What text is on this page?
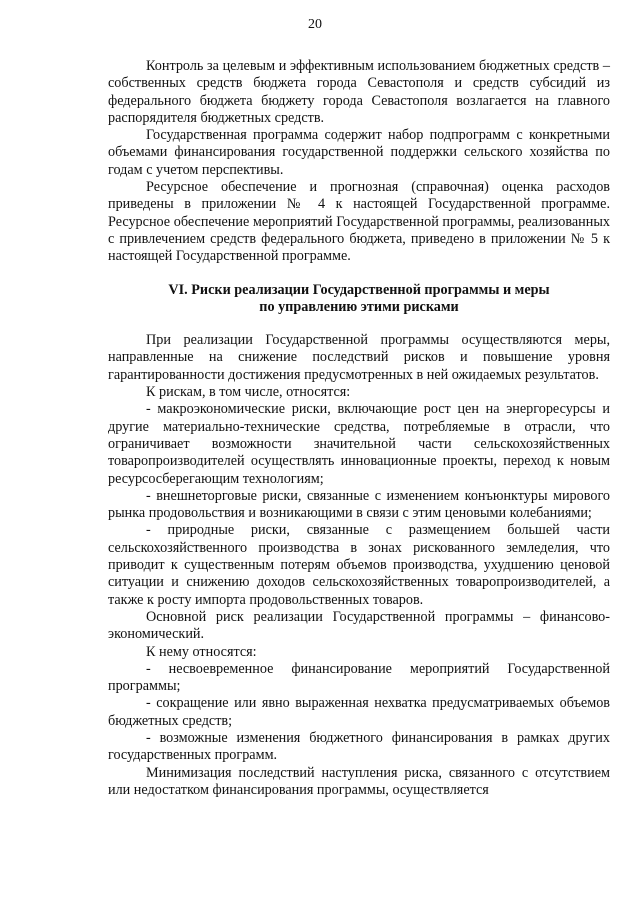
20

Контроль за целевым и эффективным использованием бюджетных средств – собственных средств бюджета города Севастополя и средств субсидий из федерального бюджета бюджету города Севастополя возлагается на главного распорядителя бюджетных средств.

Государственная программа содержит набор подпрограмм с конкретными объемами финансирования государственной поддержки сельского хозяйства по годам с учетом перспективы.

Ресурсное обеспечение и прогнозная (справочная) оценка расходов приведены в приложении № 4 к настоящей Государственной программе. Ресурсное обеспечение мероприятий Государственной программы, реализованных с привлечением средств федерального бюджета, приведено в приложении № 5 к настоящей Государственной программе.

VI. Риски реализации Государственной программы и меры
по управлению этими рисками

При реализации Государственной программы осуществляются меры, направленные на снижение последствий рисков и повышение уровня гарантированности достижения предусмотренных в ней ожидаемых результатов.

К рискам, в том числе, относятся:

- макроэкономические риски, включающие рост цен на энергоресурсы и другие материально-технические средства, потребляемые в отрасли, что ограничивает возможности значительной части сельскохозяйственных товаропроизводителей осуществлять инновационные проекты, переход к новым ресурсосберегающим технологиям;

- внешнеторговые риски, связанные с изменением конъюнктуры мирового рынка продовольствия и возникающими в связи с этим ценовыми колебаниями;

- природные риски, связанные с размещением большей части сельскохозяйственного производства в зонах рискованного земледелия, что приводит к существенным потерям объемов производства, ухудшению ценовой ситуации и снижению доходов сельскохозяйственных товаропроизводителей, а также к росту импорта продовольственных товаров.

Основной риск реализации Государственной программы – финансово-экономический.

К нему относятся:

- несвоевременное финансирование мероприятий Государственной программы;

- сокращение или явно выраженная нехватка предусматриваемых объемов бюджетных средств;

- возможные изменения бюджетного финансирования в рамках других государственных программ.

Минимизация последствий наступления риска, связанного с отсутствием или недостатком финансирования программы, осуществляется
